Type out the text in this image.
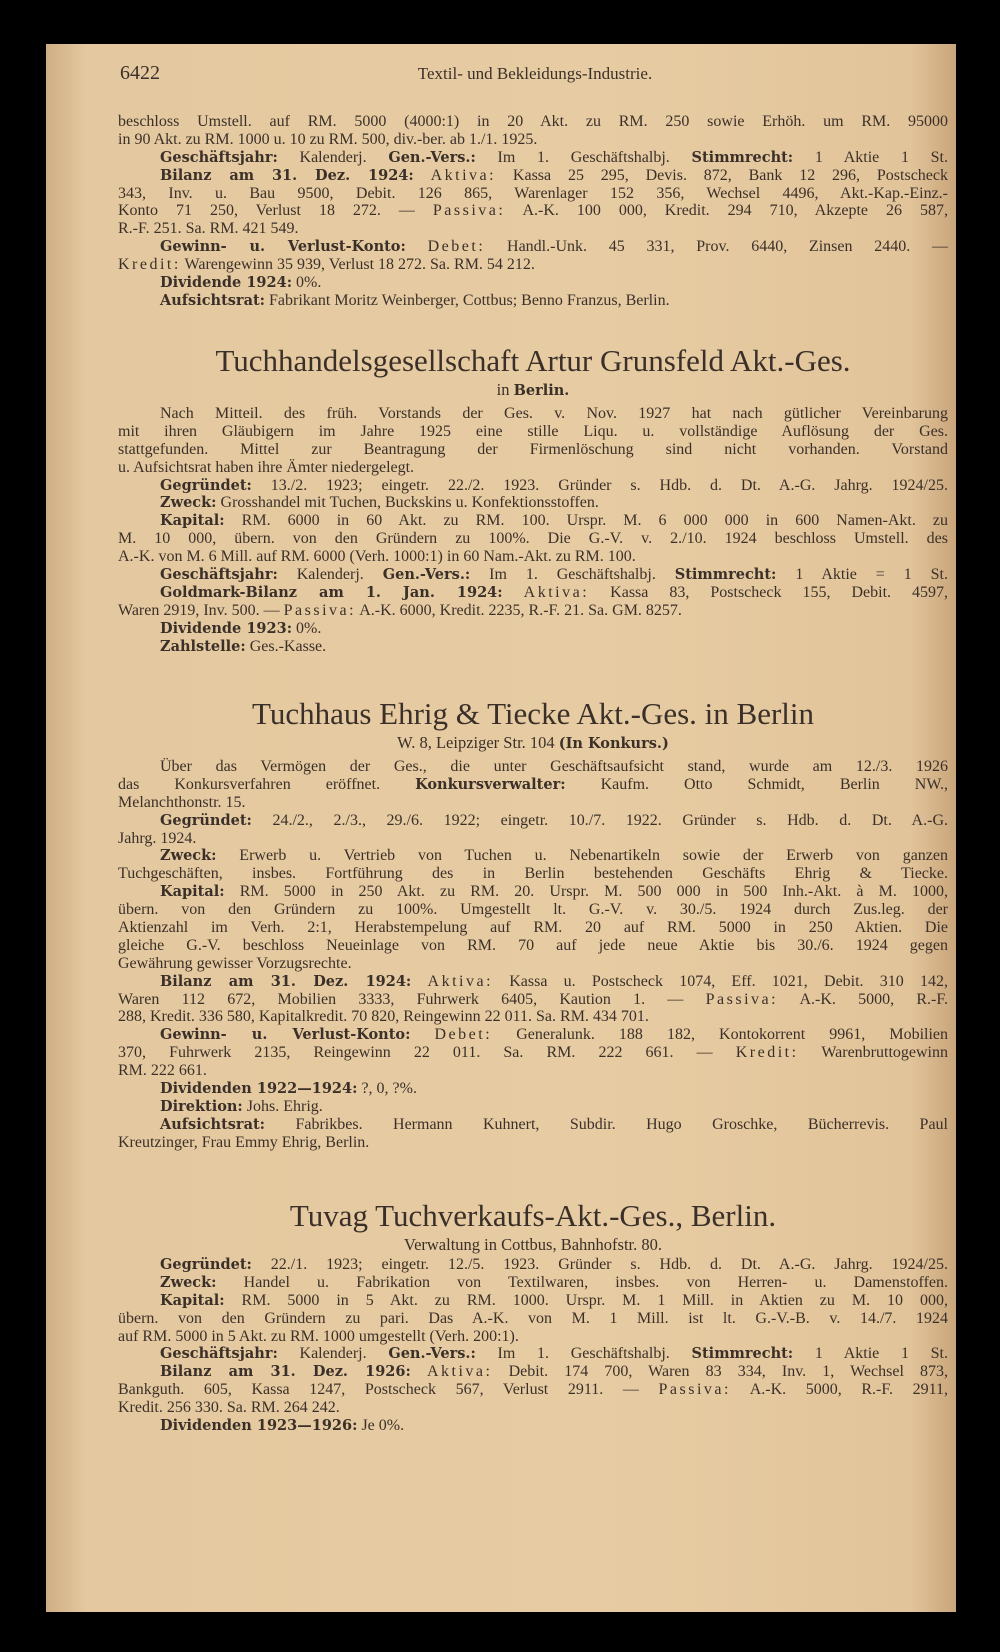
6422	Textil- und Bekleidungs-Industrie.
beschloss Umstell. auf RM. 5000 (4000:1) in 20 Akt. zu RM. 250 sowie Erhöh. um RM. 95000
in 90 Akt. zu RM. 1000 u. 10 zu RM. 500, div.-ber. ab 1./1. 1925.
Geschäftsjahr: Kalenderj. Gen.-Vers.: Im 1. Geschäftshalbj. Stimmrecht: 1 Aktie 1 St.
Bilanz am 31. Dez. 1924: Aktiva: Kassa 25 295, Devis. 872, Bank 12 296, Postscheck
343, Inv. u. Bau 9500, Debit. 126 865, Warenlager 152 356, Wechsel 4496, Akt.-Kap.-Einz.-
Konto 71 250, Verlust 18 272. — Passiva: A.-K. 100 000, Kredit. 294 710, Akzepte 26 587,
R.-F. 251. Sa. RM. 421 549.
Gewinn- u. Verlust-Konto: Debet: Handl.-Unk. 45 331, Prov. 6440, Zinsen 2440. —
Kredit: Warengewinn 35 939, Verlust 18 272. Sa. RM. 54 212.
Dividende 1924: 0%.
Aufsichtsrat: Fabrikant Moritz Weinberger, Cottbus; Benno Franzus, Berlin.
Tuchhandelsgesellschaft Artur Grunsfeld Akt.-Ges.
in Berlin.
Nach Mitteil. des früh. Vorstands der Ges. v. Nov. 1927 hat nach gütlicher Vereinbarung
mit ihren Gläubigern im Jahre 1925 eine stille Liqu. u. vollständige Auflösung der Ges.
stattgefunden. Mittel zur Beantragung der Firmenlöschung sind nicht vorhanden. Vorstand
u. Aufsichtsrat haben ihre Ämter niedergelegt.
Gegründet: 13./2. 1923; eingetr. 22./2. 1923. Gründer s. Hdb. d. Dt. A.-G. Jahrg. 1924/25.
Zweck: Grosshandel mit Tuchen, Buckskins u. Konfektionsstoffen.
Kapital: RM. 6000 in 60 Akt. zu RM. 100. Urspr. M. 6 000 000 in 600 Namen-Akt. zu
M. 10 000, übern. von den Gründern zu 100%. Die G.-V. v. 2./10. 1924 beschloss Umstell. des
A.-K. von M. 6 Mill. auf RM. 6000 (Verh. 1000:1) in 60 Nam.-Akt. zu RM. 100.
Geschäftsjahr: Kalenderj. Gen.-Vers.: Im 1. Geschäftshalbj. Stimmrecht: 1 Aktie = 1 St.
Goldmark-Bilanz am 1. Jan. 1924: Aktiva: Kassa 83, Postscheck 155, Debit. 4597,
Waren 2919, Inv. 500. — Passiva: A.-K. 6000, Kredit. 2235, R.-F. 21. Sa. GM. 8257.
Dividende 1923: 0%.
Zahlstelle: Ges.-Kasse.
Tuchhaus Ehrig & Tiecke Akt.-Ges. in Berlin
W. 8, Leipziger Str. 104 (In Konkurs.)
Über das Vermögen der Ges., die unter Geschäftsaufsicht stand, wurde am 12./3. 1926
das Konkursverfahren eröffnet. Konkursverwalter: Kaufm. Otto Schmidt, Berlin NW.,
Melanchthonstr. 15.
Gegründet: 24./2., 2./3., 29./6. 1922; eingetr. 10./7. 1922. Gründer s. Hdb. d. Dt. A.-G.
Jahrg. 1924.
Zweck: Erwerb u. Vertrieb von Tuchen u. Nebenartikeln sowie der Erwerb von ganzen
Tuchgeschäften, insbes. Fortführung des in Berlin bestehenden Geschäfts Ehrig & Tiecke.
Kapital: RM. 5000 in 250 Akt. zu RM. 20. Urspr. M. 500 000 in 500 Inh.-Akt. à M. 1000,
übern. von den Gründern zu 100%. Umgestellt lt. G.-V. v. 30./5. 1924 durch Zus.leg. der
Aktienzahl im Verh. 2:1, Herabstempelung auf RM. 20 auf RM. 5000 in 250 Aktien. Die
gleiche G.-V. beschloss Neueinlage von RM. 70 auf jede neue Aktie bis 30./6. 1924 gegen
Gewährung gewisser Vorzugsrechte.
Bilanz am 31. Dez. 1924: Aktiva: Kassa u. Postscheck 1074, Eff. 1021, Debit. 310 142,
Waren 112 672, Mobilien 3333, Fuhrwerk 6405, Kaution 1. — Passiva: A.-K. 5000, R.-F.
288, Kredit. 336 580, Kapitalkredit. 70 820, Reingewinn 22 011. Sa. RM. 434 701.
Gewinn- u. Verlust-Konto: Debet: Generalunk. 188 182, Kontokorrent 9961, Mobilien
370, Fuhrwerk 2135, Reingewinn 22 011. Sa. RM. 222 661. — Kredit: Warenbruttogewinn
RM. 222 661.
Dividenden 1922—1924: ?, 0, ?%.
Direktion: Johs. Ehrig.
Aufsichtsrat: Fabrikbes. Hermann Kuhnert, Subdir. Hugo Groschke, Bücherrevis. Paul
Kreutzinger, Frau Emmy Ehrig, Berlin.
Tuvag Tuchverkaufs-Akt.-Ges., Berlin.
Verwaltung in Cottbus, Bahnhofstr. 80.
Gegründet: 22./1. 1923; eingetr. 12./5. 1923. Gründer s. Hdb. d. Dt. A.-G. Jahrg. 1924/25.
Zweck: Handel u. Fabrikation von Textilwaren, insbes. von Herren- u. Damenstoffen.
Kapital: RM. 5000 in 5 Akt. zu RM. 1000. Urspr. M. 1 Mill. in Aktien zu M. 10 000,
übern. von den Gründern zu pari. Das A.-K. von M. 1 Mill. ist lt. G.-V.-B. v. 14./7. 1924
auf RM. 5000 in 5 Akt. zu RM. 1000 umgestellt (Verh. 200:1).
Geschäftsjahr: Kalenderj. Gen.-Vers.: Im 1. Geschäftshalbj. Stimmrecht: 1 Aktie 1 St.
Bilanz am 31. Dez. 1926: Aktiva: Debit. 174 700, Waren 83 334, Inv. 1, Wechsel 873,
Bankguth. 605, Kassa 1247, Postscheck 567, Verlust 2911. — Passiva: A.-K. 5000, R.-F. 2911,
Kredit. 256 330. Sa. RM. 264 242.
Dividenden 1923—1926: Je 0%.
